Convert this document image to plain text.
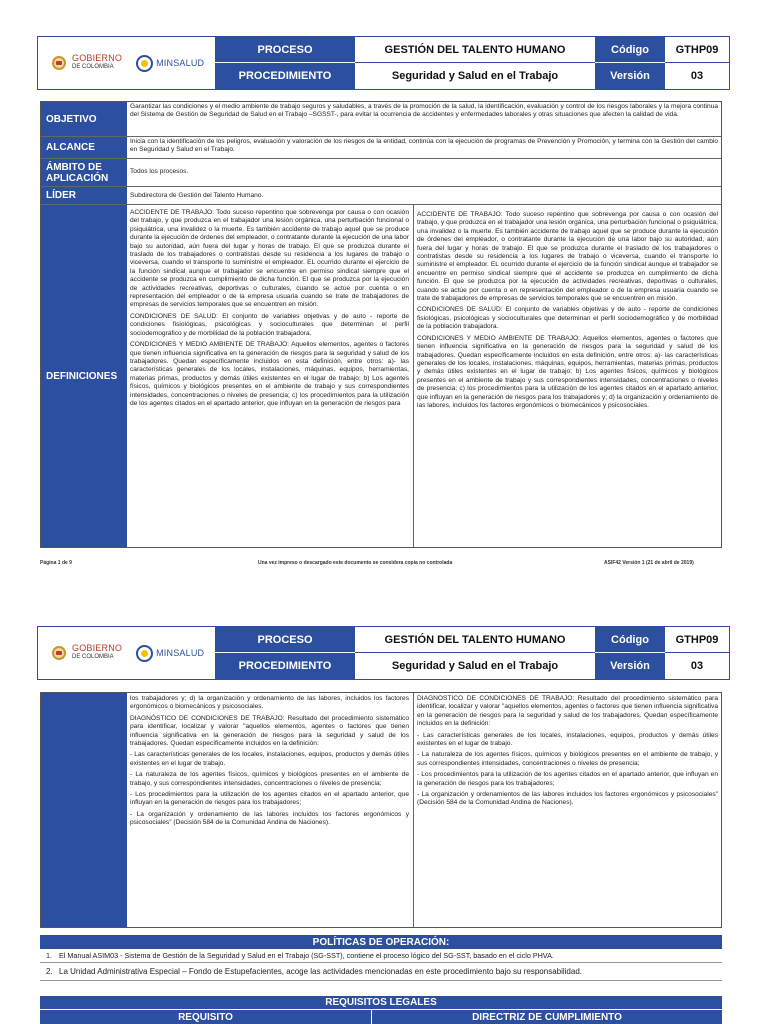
GOBIERNO
DE COLOMBIA	MINSALUD
PROCESO	GESTIÓN DEL TALENTO HUMANO	Código	GTHP09
PROCEDIMIENTO	Seguridad y Salud en el Trabajo	Versión	03
OBJETIVO
Garantizar las condiciones y el medio ambiente de trabajo seguros y saludables, a través de la promoción de la salud, la identificación, evaluación y control de los riesgos laborales y la mejora continua del Sistema de Gestión de Seguridad de Salud en el Trabajo –SGSST-, para evitar la ocurrencia de accidentes y enfermedades laborales y otras situaciones que afecten la calidad de vida.
ALCANCE
Inicia con la identificación de los peligros, evaluación y valoración de los riesgos de la entidad, continúa con la ejecución de programas de Prevención y Promoción, y termina con la Gestión del cambio en Seguridad y Salud en el Trabajo.
ÁMBITO DE APLICACIÓN
Todos los procesos.
LÍDER	Subdirectora de Gestión del Talento Humano.
DEFINICIONES

ACCIDENTE DE TRABAJO: Todo suceso repentino que sobrevenga por causa o con ocasión del trabajo, y que produzca en el trabajador una lesión orgánica, una perturbación funcional o psiquiátrica, una invalidez o la muerte. Es también accidente de trabajo aquel que se produce durante la ejecución de órdenes del empleador, o contratante durante la ejecución de una labor bajo su autoridad, aún fuera del lugar y horas de trabajo. El que se produzca durante el traslado de los trabajadores o contratistas desde su residencia a los lugares de trabajo o viceversa, cuando el transporte lo suministre el empleador. EL ocurrido durante el ejercicio de la función sindical aunque el trabajador se encuentre en permiso sindical siempre que el accidente se produzca en cumplimiento de dicha función. El que se produzca por la ejecución de actividades recreativas, deportivas o culturales, cuando se actúe por cuenta o en representación del empleador o de la empresa usuaria cuando se trate de trabajadores de empresas de servicios temporales que se encuentren en misión.

CONDICIONES DE SALUD: El conjunto de variables objetivas y de auto - reporte de condiciones fisiológicas, psicológicas y socioculturales que determinan el perfil sociodemográfico y de morbilidad de la población trabajadora.

CONDICIONES Y MEDIO AMBIENTE DE TRABAJO: Aquellos elementos, agentes o factores que tienen influencia significativa en la generación de riesgos para la seguridad y salud de los trabajadores. Quedan específicamente incluidos en esta definición, entre otros: a)- las características generales de los locales, instalaciones, máquinas, equipos, herramientas, materias primas, productos y demás útiles existentes en el lugar de trabajo; b) Los agentes físicos, químicos y biológicos presentes en el ambiente de trabajo y sus correspondientes intensidades, concentraciones o niveles de presencia; c) los procedimientos para la utilización de los agentes citados en el apartado anterior, que influyan en la generación de riesgos para

ACCIDENTE DE TRABAJO: Todo suceso repentino que sobrevenga por causa o con ocasión del trabajo, y que produzca en el trabajador una lesión orgánica, una perturbación funcional o psiquiátrica, una invalidez o la muerte. Es también accidente de trabajo aquel que se produce durante la ejecución de órdenes del empleador, o contratante durante la ejecución de una labor bajo su autoridad, aún fuera del lugar y horas de trabajo. El que se produzca durante el traslado de los trabajadores o contratistas desde su residencia a los lugares de trabajo o viceversa, cuando el transporte lo suministre el empleador. EL ocurrido durante el ejercicio de la función sindical aunque el trabajador se encuentre en permiso sindical siempre que el accidente se produzca en cumplimiento de dicha función. El que se produzca por la ejecución de actividades recreativas, deportivas o culturales, cuando se actúe por cuenta o en representación del empleador o de la empresa usuaria cuando se trate de trabajadores de empresas de servicios temporales que se encuentren en misión.

CONDICIONES DE SALUD: El conjunto de variables objetivas y de auto - reporte de condiciones fisiológicas, psicológicas y socioculturales que determinan el perfil sociodemográfico y de morbilidad de la población trabajadora.

CONDICIONES Y MEDIO AMBIENTE DE TRABAJO: Aquellos elementos, agentes o factores que tienen influencia significativa en la generación de riesgos para la seguridad y salud de los trabajadores. Quedan específicamente incluidos en esta definición, entre otros: a)- las características generales de los locales, instalaciones, máquinas, equipos, herramientas, materias primas, productos y demás útiles existentes en el lugar de trabajo; b) Los agentes físicos, químicos y biológicos presentes en el ambiente de trabajo y sus correspondientes intensidades, concentraciones o niveles de presencia; c) los procedimientos para la utilización de los agentes citados en el apartado anterior, que influyan en la generación de riesgos para los trabajadores y; d) la organización y ordenamiento de las labores, incluidos los factores ergonómicos o biomecánicos y psicosociales.

Página 1 de 9	Una vez impreso o descargado este documento se considera copia no controlada	ASIF42 Versión 1 (21 de abril de 2019)
GOBIERNO
DE COLOMBIA	MINSALUD
PROCESO	GESTIÓN DEL TALENTO HUMANO	Código	GTHP09
PROCEDIMIENTO	Seguridad y Salud en el Trabajo	Versión	03

los trabajadores y; d) la organización y ordenamiento de las labores, incluidos los factores ergonómicos o biomecánicos y psicosociales.

DIAGNÓSTICO DE CONDICIONES DE TRABAJO: Resultado del procedimiento sistemático para identificar, localizar y valorar "aquellos elementos, agentes o factores que tienen influencia significativa en la generación de riesgos para la seguridad y salud de los trabajadores. Quedan específicamente incluidos en la definición:

- Las características generales de los locales, instalaciones, equipos, productos y demás útiles existentes en el lugar de trabajo.

- La naturaleza de los agentes físicos, químicos y biológicos presentes en el ambiente de trabajo, y sus correspondientes intensidades, concentraciones o niveles de presencia;

- Los procedimientos para la utilización de los agentes citados en el apartado anterior, que influyan en la generación de riesgos para los trabajadores;

- La organización y ordenamiento de las labores incluidos los factores ergonómicos y psicosociales" (Decisión 584 de la Comunidad Andina de Naciones).

DIAGNOSTICO DE CONDICIONES DE TRABAJO: Resultado del procedimiento sistemático para identificar, localizar y valorar "aquellos elementos, agentes o factores que tienen influencia significativa en la generación de riesgos para la seguridad y salud de los trabajadores. Quedan específicamente incluidos en la definición:

- Las características generales de los locales, instalaciones, equipos, productos y demás útiles existentes en el lugar de trabajo.

- La naturaleza de los agentes físicos, químicos y biológicos presentes en el ambiente de trabajo, y sus correspondientes intensidades, concentraciones o niveles de presencia;

- Los procedimientos para la utilización de los agentes citados en el apartado anterior, que influyan en la generación de riesgos para los trabajadores;

- La organización y ordenamientos de las labores incluidos los factores ergonómicos y psicosociales" (Decisión 584 de la Comunidad Andina de Naciones).

POLÍTICAS DE OPERACIÓN:
1. El Manual ASIM03 - Sistema de Gestión de la Seguridad y Salud en el Trabajo (SG-SST), contiene el proceso lógico del SG-SST, basado en el ciclo PHVA.
2. La Unidad Administrativa Especial – Fondo de Estupefacientes, acoge las actividades mencionadas en este procedimiento bajo su responsabilidad.
REQUISITOS LEGALES
REQUISITO	DIRECTRIZ DE CUMPLIMIENTO
